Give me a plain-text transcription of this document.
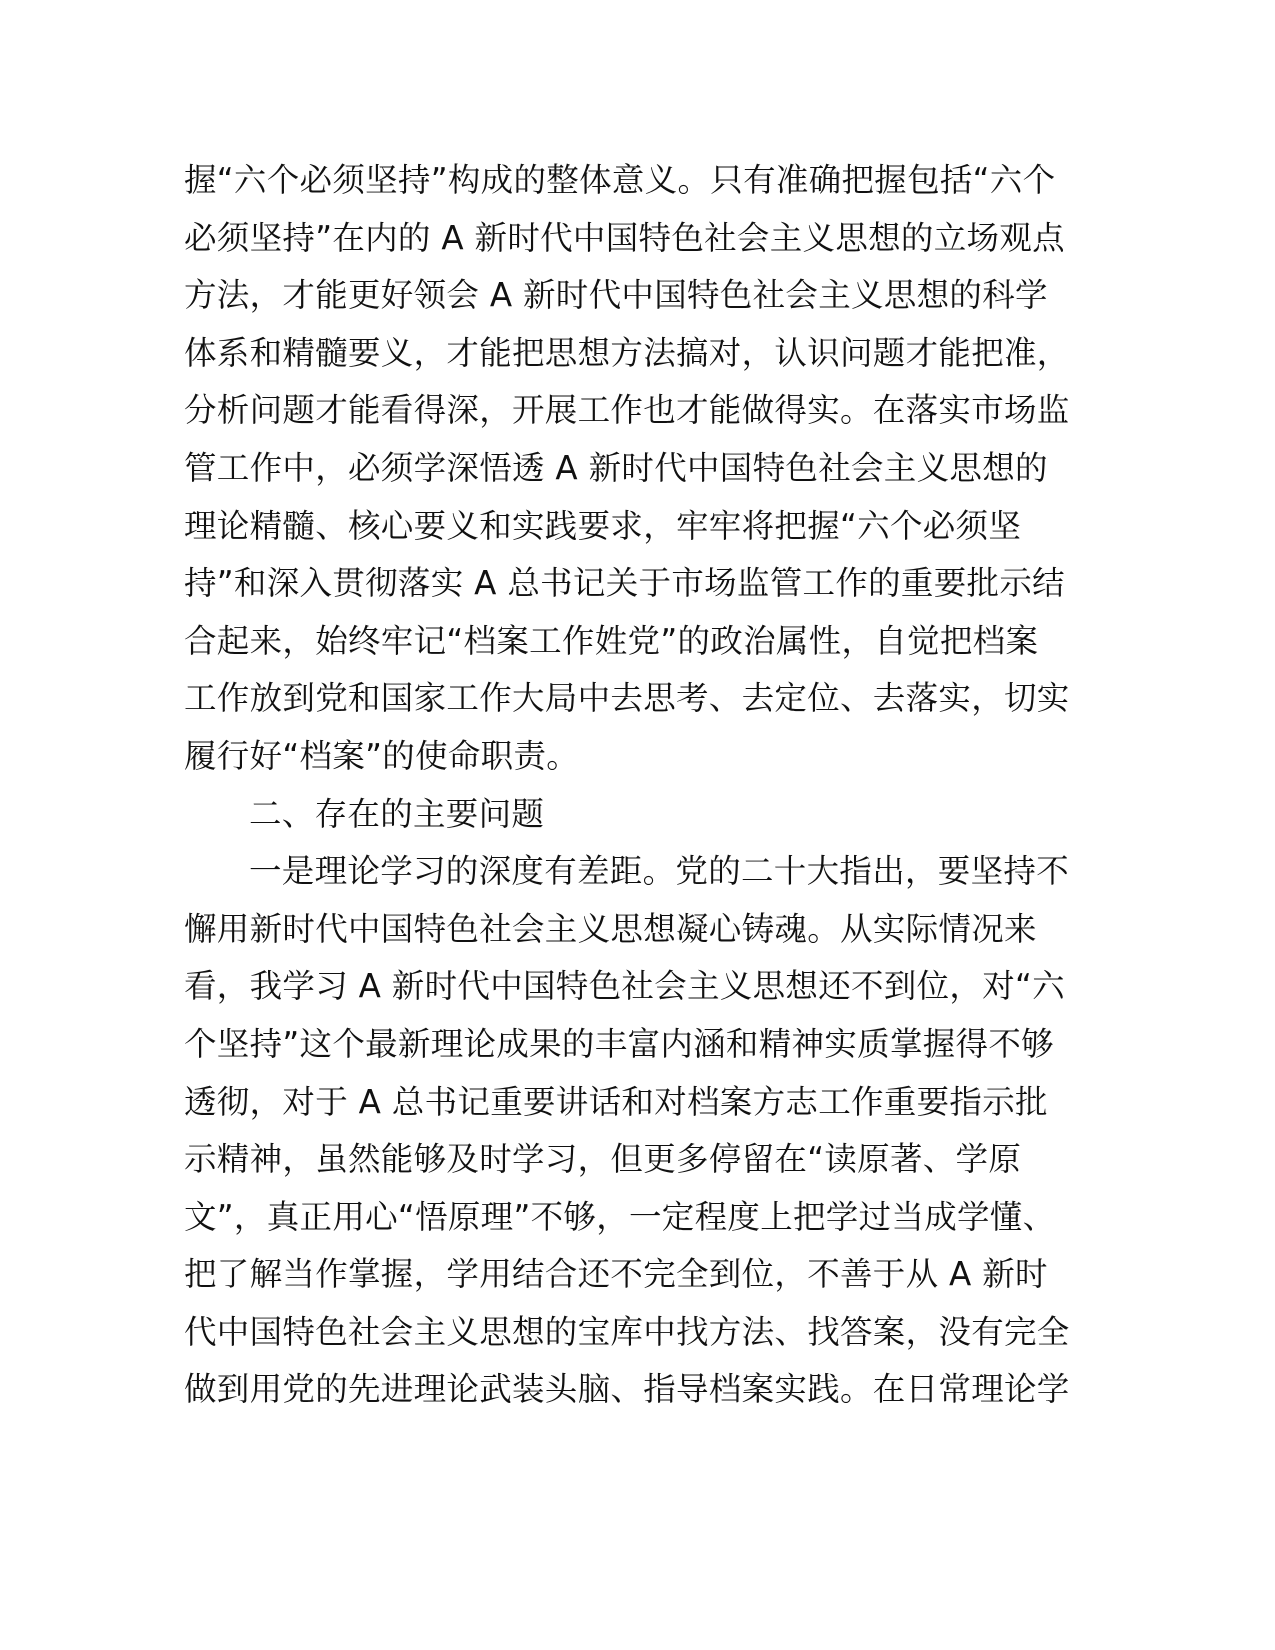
握“六个必须坚持”构成的整体意义。只有准确把握包括“六个
必须坚持”在内的 A 新时代中国特色社会主义思想的立场观点
方法，才能更好领会 A 新时代中国特色社会主义思想的科学
体系和精髓要义，才能把思想方法搞对，认识问题才能把准，
分析问题才能看得深，开展工作也才能做得实。在落实市场监
管工作中，必须学深悟透 A 新时代中国特色社会主义思想的
理论精髓、核心要义和实践要求，牢牢将把握“六个必须坚
持”和深入贯彻落实 A 总书记关于市场监管工作的重要批示结
合起来，始终牢记“档案工作姓党”的政治属性，自觉把档案
工作放到党和国家工作大局中去思考、去定位、去落实，切实
履行好“档案”的使命职责。
二、存在的主要问题
一是理论学习的深度有差距。党的二十大指出，要坚持不
懈用新时代中国特色社会主义思想凝心铸魂。从实际情况来
看，我学习 A 新时代中国特色社会主义思想还不到位，对“六
个坚持”这个最新理论成果的丰富内涵和精神实质掌握得不够
透彻，对于 A 总书记重要讲话和对档案方志工作重要指示批
示精神，虽然能够及时学习，但更多停留在“读原著、学原
文”，真正用心“悟原理”不够，一定程度上把学过当成学懂、
把了解当作掌握，学用结合还不完全到位，不善于从 A 新时
代中国特色社会主义思想的宝库中找方法、找答案，没有完全
做到用党的先进理论武装头脑、指导档案实践。在日常理论学
